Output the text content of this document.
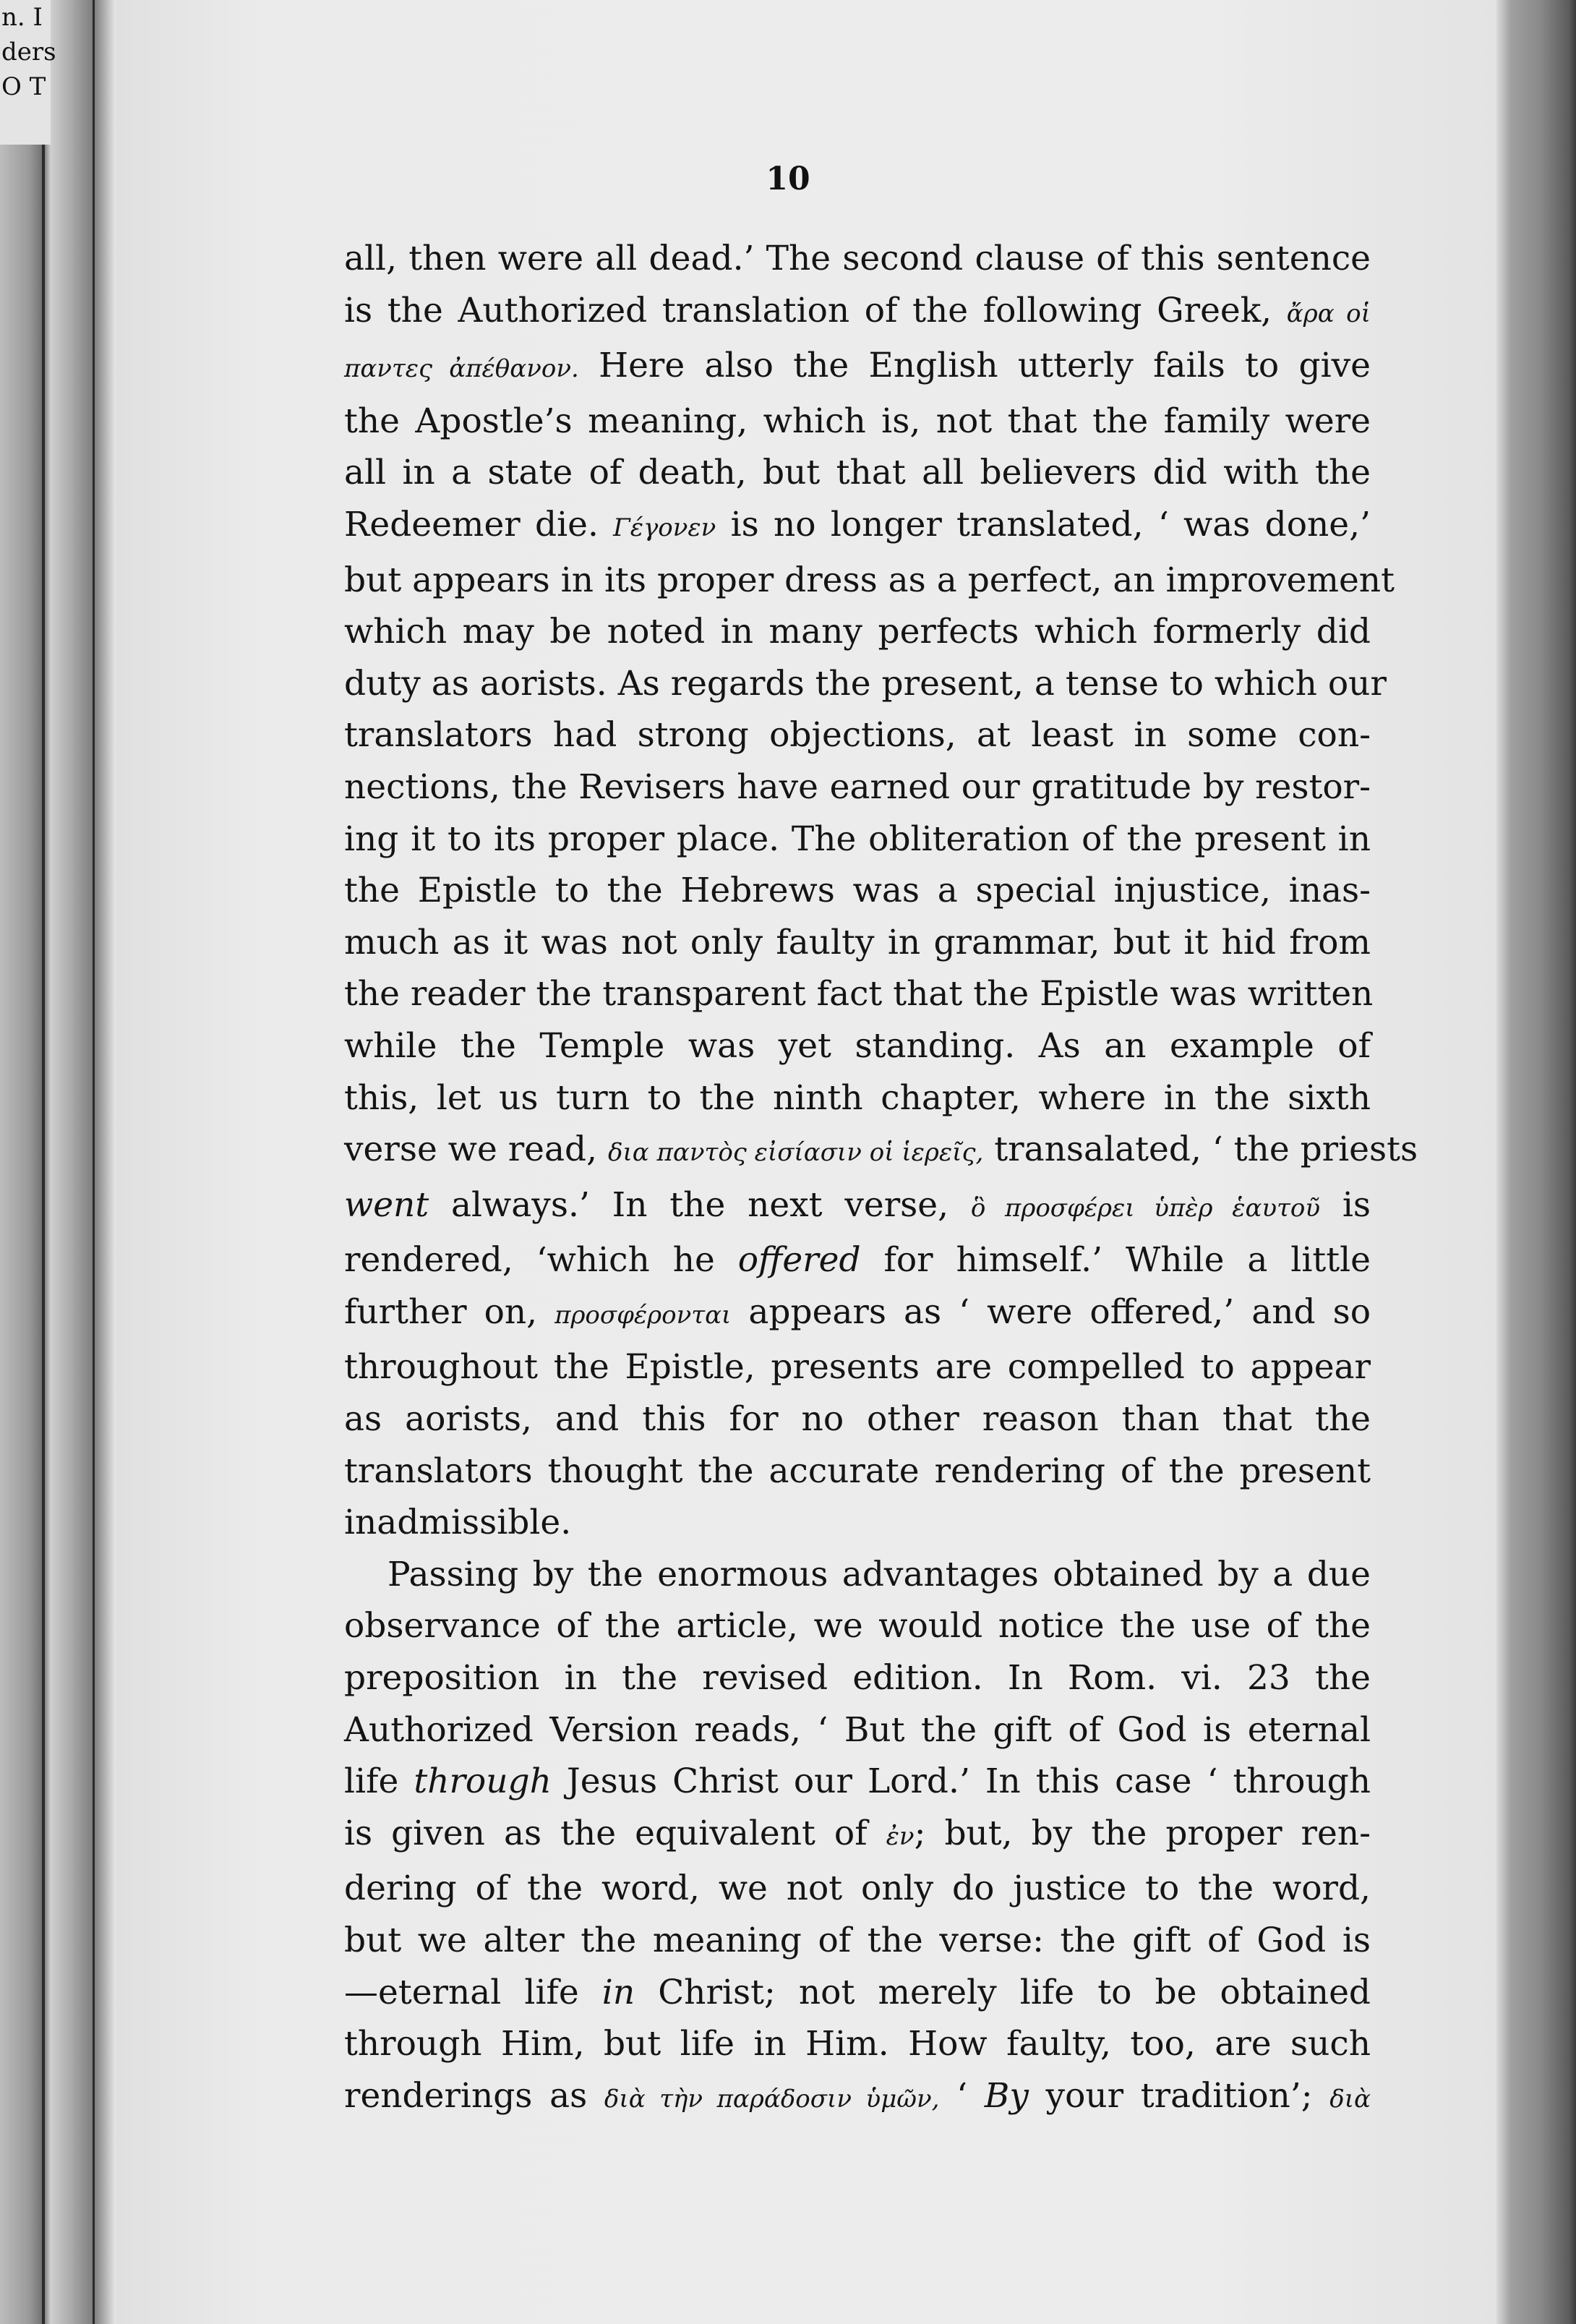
n. I
ders
O T
10
all, then were all dead.’ The second clause of this sentence
is the Authorized translation of the following Greek, ἄρα οἱ
παντες ἀπέθανον. Here also the English utterly fails to give
the Apostle’s meaning, which is, not that the family were
all in a state of death, but that all believers did with the
Redeemer die. Γέγονεν is no longer translated, ‘ was done,’
but appears in its proper dress as a perfect, an improvement
which may be noted in many perfects which formerly did
duty as aorists. As regards the present, a tense to which our
translators had strong objections, at least in some con-
nections, the Revisers have earned our gratitude by restor-
ing it to its proper place. The obliteration of the present in
the Epistle to the Hebrews was a special injustice, inas-
much as it was not only faulty in grammar, but it hid from
the reader the transparent fact that the Epistle was written
while the Temple was yet standing. As an example of
this, let us turn to the ninth chapter, where in the sixth
verse we read, δια παντὸς εἰσίασιν οἱ ἱερεῖς, transalated, ‘ the priests
went always.’ In the next verse, ὃ προσφέρει ὑπὲρ ἑαυτοῦ is
rendered, ‘which he offered for himself.’ While a little
further on, προσφέρονται appears as ‘ were offered,’ and so
throughout the Epistle, presents are compelled to appear
as aorists, and this for no other reason than that the
translators thought the accurate rendering of the present
inadmissible.
Passing by the enormous advantages obtained by a due
observance of the article, we would notice the use of the
preposition in the revised edition. In Rom. vi. 23 the
Authorized Version reads, ‘ But the gift of God is eternal
life through Jesus Christ our Lord.’ In this case ‘ through
is given as the equivalent of ἐν; but, by the proper ren-
dering of the word, we not only do justice to the word,
but we alter the meaning of the verse: the gift of God is
—eternal life in Christ; not merely life to be obtained
through Him, but life in Him. How faulty, too, are such
renderings as διὰ τὴν παράδοσιν ὑμῶν, ‘ By your tradition’; διὰ
